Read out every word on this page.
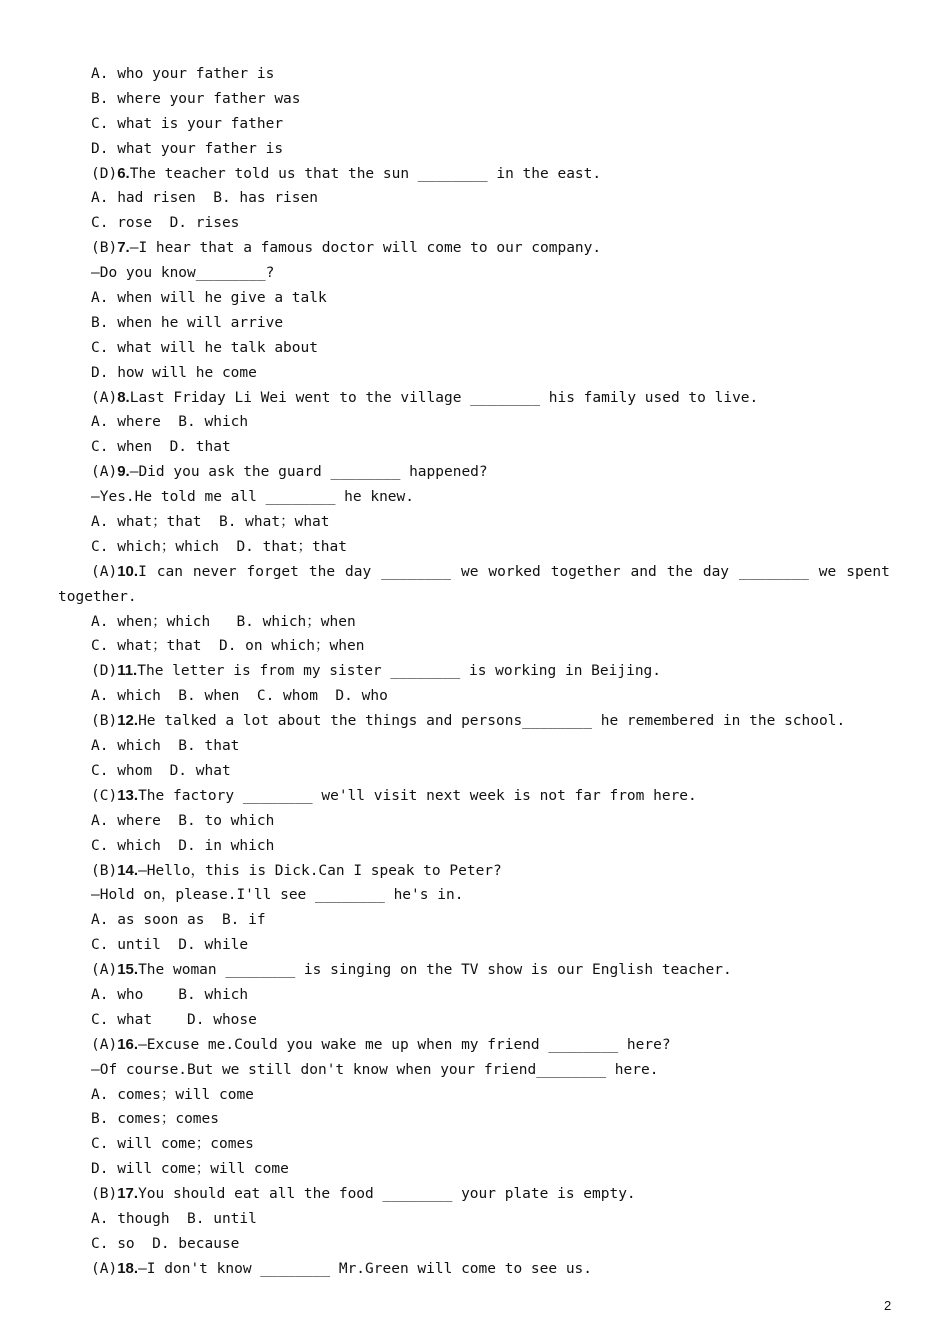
A. who your father is
B. where your father was
C. what is your father
D. what your father is
(D)6.The teacher told us that the sun ________ in the east.
A. had risen  B. has risen
C. rose  D. rises
(B)7.—I hear that a famous doctor will come to our company.
—Do you know________?
A. when will he give a talk
B. when he will arrive
C. what will he talk about
D. how will he come
(A)8.Last Friday Li Wei went to the village ________ his family used to live.
A. where  B. which
C. when  D. that
(A)9.—Did you ask the guard ________ happened?
—Yes.He told me all ________ he knew.
A. what；that  B. what；what
C. which；which  D. that；that
(A)10.I can never forget the day ________ we worked together and the day ________ we spent
together.
A. when；which   B. which；when
C. what；that  D. on which；when
(D)11.The letter is from my sister ________ is working in Beijing.
A. which  B. when  C. whom  D. who
(B)12.He talked a lot about the things and persons________ he remembered in the school.
A. which  B. that
C. whom  D. what
(C)13.The factory ________ we'll visit next week is not far from here.
A. where  B. to which
C. which  D. in which
(B)14.—Hello，this is Dick.Can I speak to Peter?
—Hold on，please.I'll see ________ he's in.
A. as soon as  B. if
C. until  D. while
(A)15.The woman ________ is singing on the TV show is our English teacher.
A. who    B. which
C. what    D. whose
(A)16.—Excuse me.Could you wake me up when my friend ________ here?
—Of course.But we still don't know when your friend________ here.
A. comes；will come
B. comes；comes
C. will come；comes
D. will come；will come
(B)17.You should eat all the food ________ your plate is empty.
A. though  B. until
C. so  D. because
(A)18.—I don't know ________ Mr.Green will come to see us.
2
